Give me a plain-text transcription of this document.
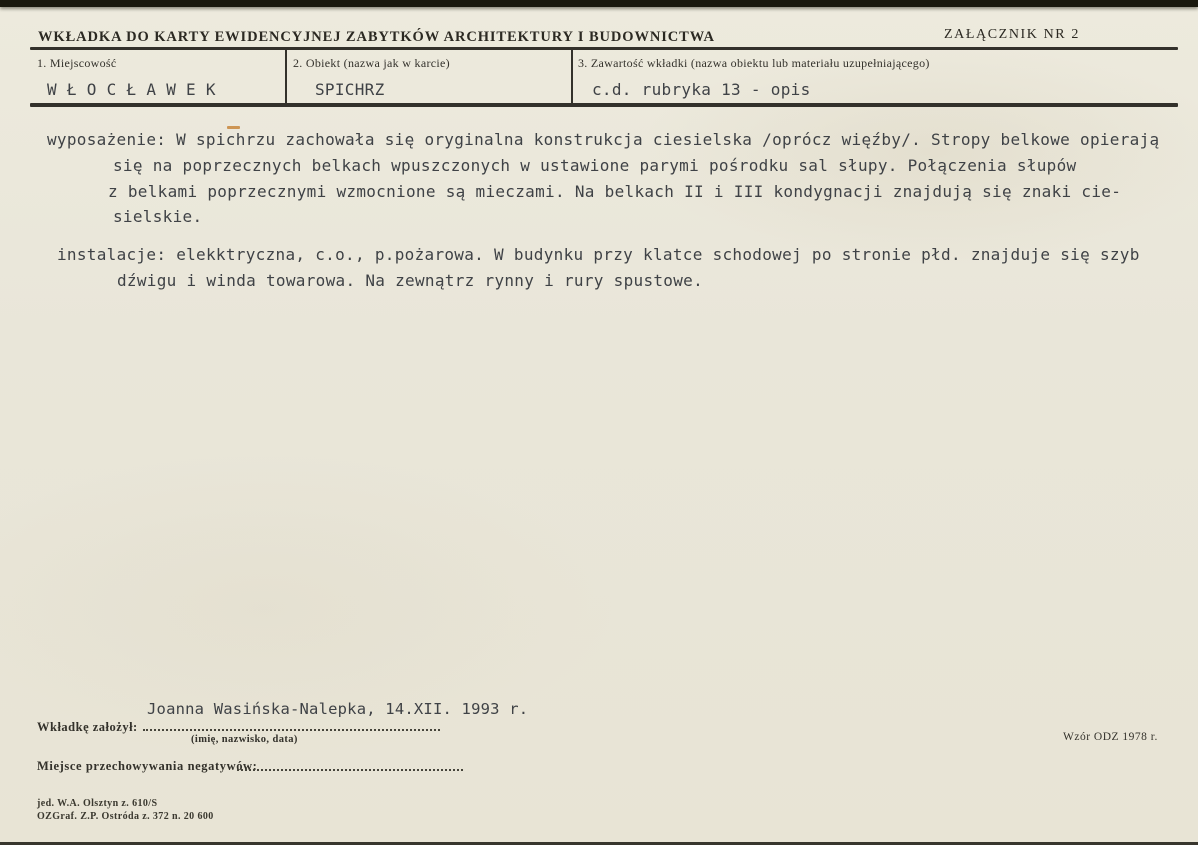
WKŁADKA DO KARTY EWIDENCYJNEJ ZABYTKÓW ARCHITEKTURY I BUDOWNICTWA	ZAŁĄCZNIK NR 2
1. Miejscowość	2. Obiekt (nazwa jak w karcie)	3. Zawartość wkładki (nazwa obiektu lub materiału uzupełniającego)
W Ł O C Ł A W E K	SPICHRZ	c.d. rubryka 13 - opis
wyposażenie: W spichrzu zachowała się oryginalna konstrukcja ciesielska /oprócz więźby/. Stropy belkowe opierają
się na poprzecznych belkach wpuszczonych w ustawione parymi pośrodku sal słupy. Połączenia słupów
z belkami poprzecznymi wzmocnione są mieczami. Na belkach II i III kondygnacji znajdują się znaki cie-
sielskie.
instalacje: elekktryczna, c.o., p.pożarowa. W budynku przy klatce schodowej po stronie płd. znajduje się szyb
dźwigu i winda towarowa. Na zewnątrz rynny i rury spustowe.
Joanna Wasińska-Nalepka, 14.XII. 1993 r.
Wkładkę założył:
(imię, nazwisko, data)
Miejsce przechowywania negatywów:
Wzór ODZ 1978 r.
jed. W.A. Olsztyn z. 610/S
OZGraf. Z.P. Ostróda z. 372 n. 20 600
